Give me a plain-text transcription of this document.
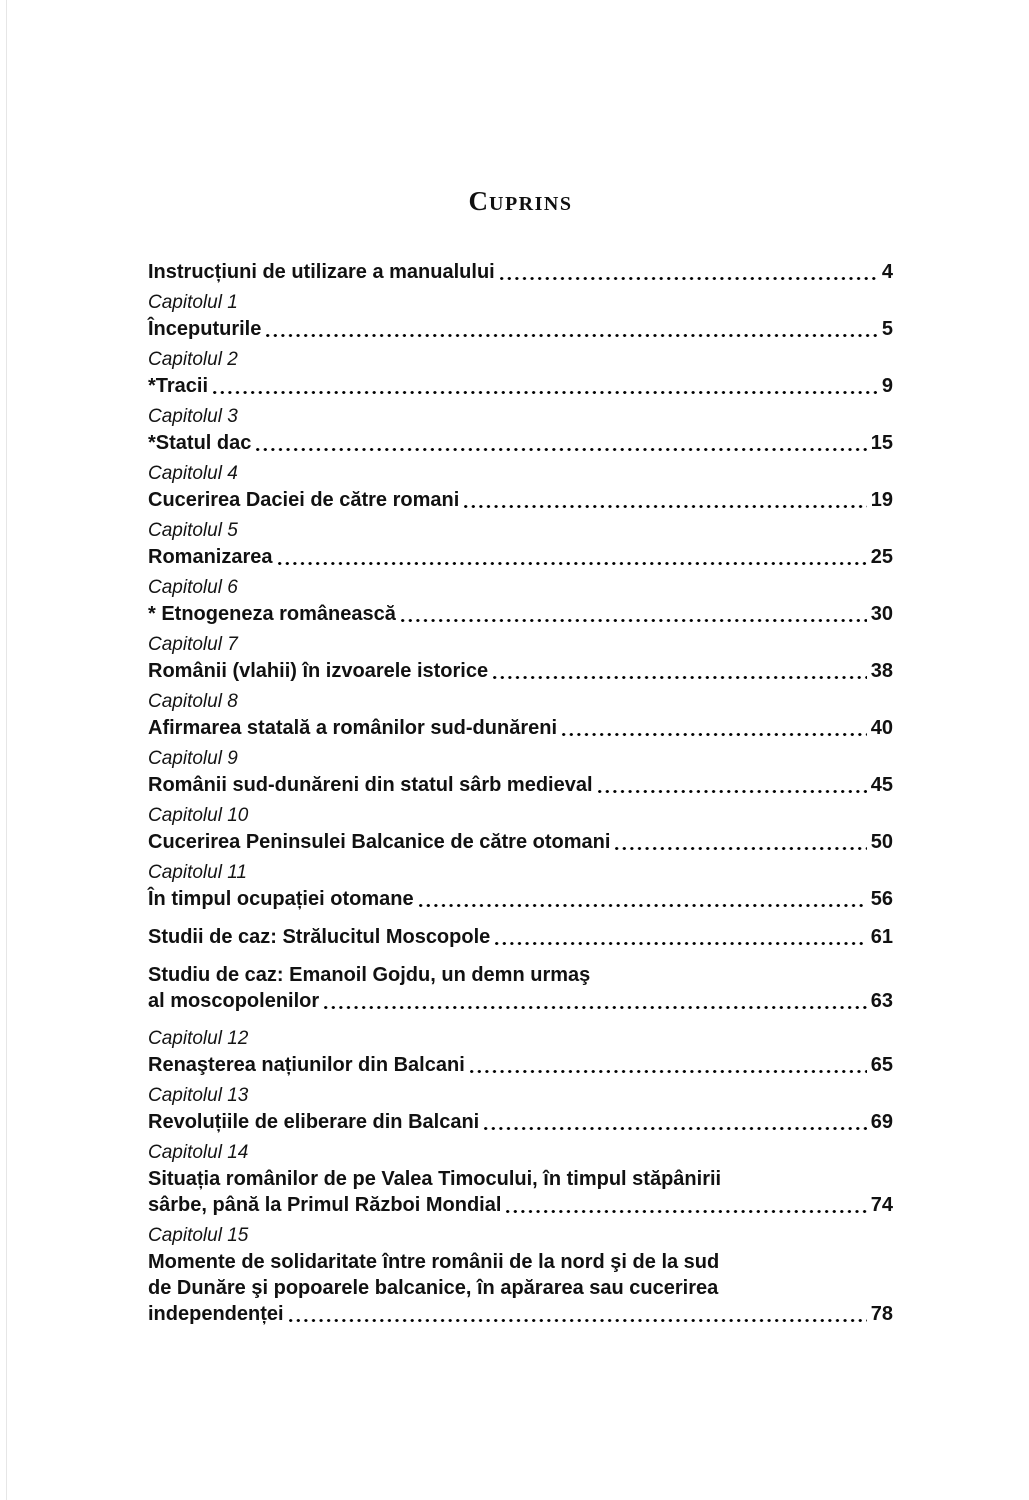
CUPRINS
Instrucțiuni de utilizare a manualului	4
Capitolul 1
Începuturile	5
Capitolul 2
*Tracii	9
Capitolul 3
*Statul dac	15
Capitolul 4
Cucerirea Daciei de către romani	19
Capitolul 5
Romanizarea	25
Capitolul 6
* Etnogeneza românească	30
Capitolul 7
Românii (vlahii) în izvoarele istorice	38
Capitolul 8
Afirmarea statală a românilor sud-dunăreni	40
Capitolul 9
Românii sud-dunăreni din statul sârb medieval	45
Capitolul 10
Cucerirea Peninsulei Balcanice de către otomani	50
Capitolul 11
În timpul ocupației otomane	56
Studii de caz: Strălucitul Moscopole	61
Studiu de caz: Emanoil Gojdu, un demn urmaş
al moscopolenilor	63
Capitolul 12
Renaşterea națiunilor din Balcani	65
Capitolul 13
Revoluțiile de eliberare din Balcani	69
Capitolul 14
Situația românilor de pe Valea Timocului, în timpul stăpânirii
sârbe, până la Primul Război Mondial	74
Capitolul 15
Momente de solidaritate între românii de la nord şi de la sud
de Dunăre şi popoarele balcanice, în apărarea sau cucerirea
independenței	78
